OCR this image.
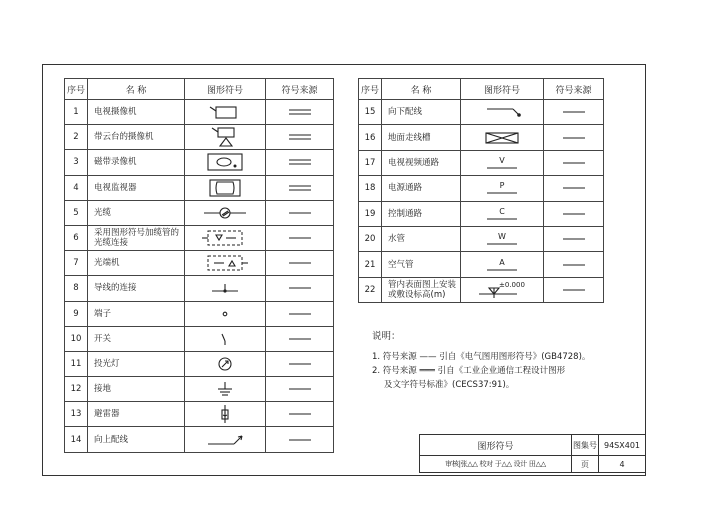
序号	名 称	图形符号	符号来源
1	电视摄像机	

2	带云台的摄像机	

3	磁带录像机	

4	电视监视器	

5	光缆	

6	采用图形符号加缆管的光缆连接	

7	光端机	

8	导线的连接	

9	端子	

10	开关	

11	投光灯	

12	接地	

13	避雷器	

14	向上配线	

序号	名 称	图形符号	符号来源
15	向下配线	

16	地面走线槽	

17	电视视频通路	V

18	电源通路	P

19	控制通路	C

20	水管	W

21	空气管	A

22	管内表面图上安装或敷设标高(m)	±0.000

说明：
1. 符号来源 —— 引自《电气图用图形符号》(GB4728)。
2. 符号来源 ═══ 引自《工业企业通信工程设计图形
及文字符号标准》(CECS37:91)。
图形符号	图集号	94SX401
审核|张△△ 校对 于△△ 设计 田△△	页	4
